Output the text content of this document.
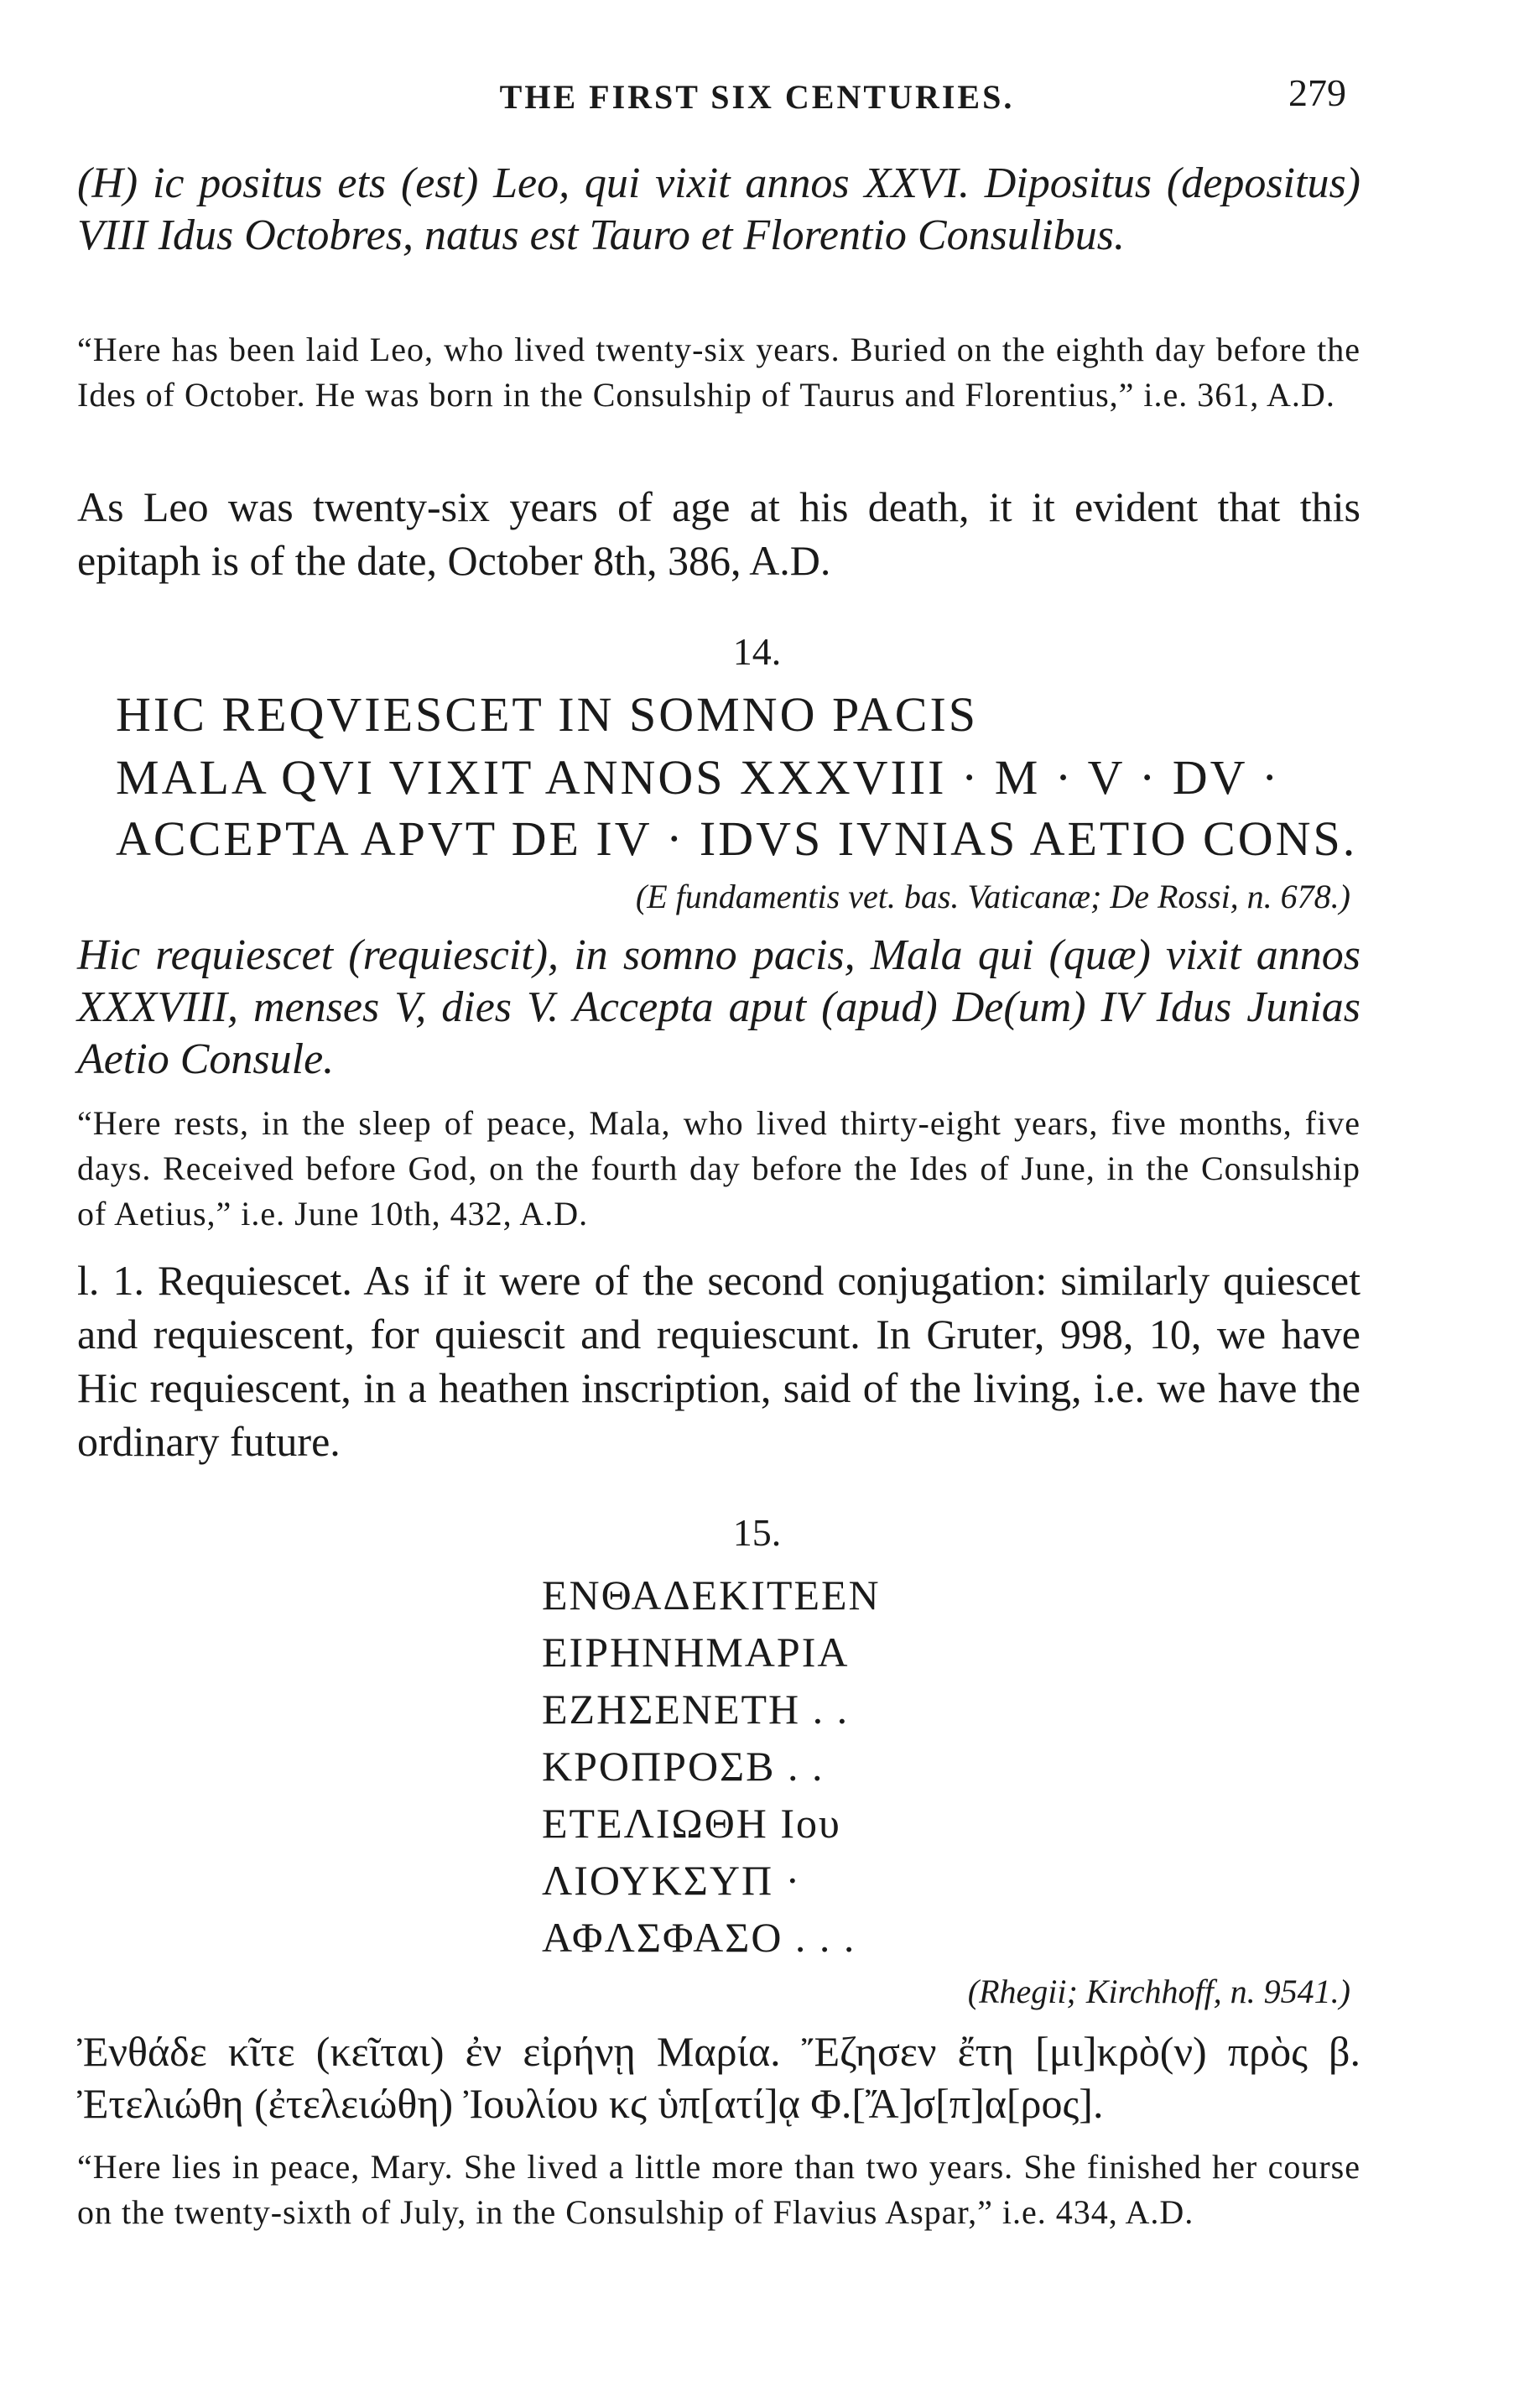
THE FIRST SIX CENTURIES.	279
(H) ic positus ets (est) Leo, qui vixit annos XXVI. Dipositus (depositus) VIII Idus Octobres, natus est Tauro et Florentio Consulibus.
“Here has been laid Leo, who lived twenty-six years. Buried on the eighth day before the Ides of October. He was born in the Consulship of Taurus and Florentius,” i.e. 361, A.D.
As Leo was twenty-six years of age at his death, it it evident that this epitaph is of the date, October 8th, 386, A.D.
14.
HIC REQVIESCET IN SOMNO PACIS
MALA QVI VIXIT ANNOS XXXVIII · M · V · DV ·
ACCEPTA APVT DE IV · IDVS IVNIAS AETIO CONS.
(E fundamentis vet. bas. Vaticanæ; De Rossi, n. 678.)
Hic requiescet (requiescit), in somno pacis, Mala qui (quæ) vixit annos XXXVIII, menses V, dies V. Accepta aput (apud) De(um) IV Idus Junias Aetio Consule.
“Here rests, in the sleep of peace, Mala, who lived thirty-eight years, five months, five days. Received before God, on the fourth day before the Ides of June, in the Consulship of Aetius,” i.e. June 10th, 432, A.D.
l. 1. Requiescet. As if it were of the second conjugation: similarly quiescet and requiescent, for quiescit and requiescunt. In Gruter, 998, 10, we have Hic requiescent, in a heathen inscription, said of the living, i.e. we have the ordinary future.
15.
ΕΝΘΑΔΕΚΙΤΕΕΝ
ΕΙΡΗΝΗΜΑΡΙΑ
ΕΖΗΣΕΝΕΤΗ . .
ΚΡΟΠΡΟΣΒ . .
ΕΤΕΛΙΩΘΗ Ιου
ΛΙΟΥΚΣΥΠ ·
ΑΦΛΣΦΑΣΟ . . .
(Rhegii; Kirchhoff, n. 9541.)
Ἐνθάδε κῖτε (κεῖται) ἐν εἰρήνῃ Μαρία. Ἔζησεν ἔτη [μι]κρὸ(ν) πρὸς β. Ἐτελιώθη (ἐτελειώθη) Ἰουλίου κϛ ὑπ[ατί]ᾳ Φ.[Ἄ]σ[π]α[ρος].
“Here lies in peace, Mary. She lived a little more than two years. She finished her course on the twenty-sixth of July, in the Consulship of Flavius Aspar,” i.e. 434, A.D.
